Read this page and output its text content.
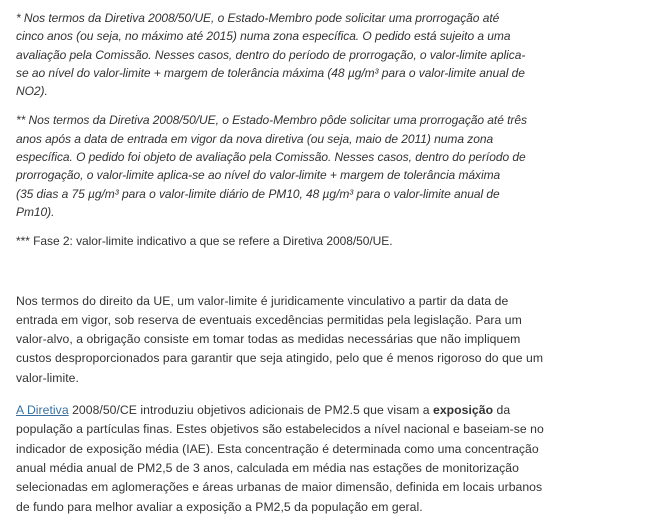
* Nos termos da Diretiva 2008/50/UE, o Estado-Membro pode solicitar uma prorrogação até
cinco anos (ou seja, no máximo até 2015) numa zona específica. O pedido está sujeito a uma
avaliação pela Comissão. Nesses casos, dentro do período de prorrogação, o valor-limite aplica-
se ao nível do valor-limite + margem de tolerância máxima (48 µg/m³ para o valor-limite anual de
NO2).

** Nos termos da Diretiva 2008/50/UE, o Estado-Membro pôde solicitar uma prorrogação até três
anos após a data de entrada em vigor da nova diretiva (ou seja, maio de 2011) numa zona
específica. O pedido foi objeto de avaliação pela Comissão. Nesses casos, dentro do período de
prorrogação, o valor-limite aplica-se ao nível do valor-limite + margem de tolerância máxima
(35 dias a 75 µg/m³ para o valor-limite diário de PM10, 48 µg/m³ para o valor-limite anual de
Pm10).

*** Fase 2: valor-limite indicativo a que se refere a Diretiva 2008/50/UE.

Nos termos do direito da UE, um valor-limite é juridicamente vinculativo a partir da data de
entrada em vigor, sob reserva de eventuais excedências permitidas pela legislação. Para um
valor-alvo, a obrigação consiste em tomar todas as medidas necessárias que não impliquem
custos desproporcionados para garantir que seja atingido, pelo que é menos rigoroso do que um
valor-limite.

A Diretiva 2008/50/CE introduziu objetivos adicionais de PM2.5 que visam a exposição da
população a partículas finas. Estes objetivos são estabelecidos a nível nacional e baseiam-se no
indicador de exposição média (IAE). Esta concentração é determinada como uma concentração
anual média anual de PM2,5 de 3 anos, calculada em média nas estações de monitorização
selecionadas em aglomerações e áreas urbanas de maior dimensão, definida em locais urbanos
de fundo para melhor avaliar a exposição a PM2,5 da população em geral.
